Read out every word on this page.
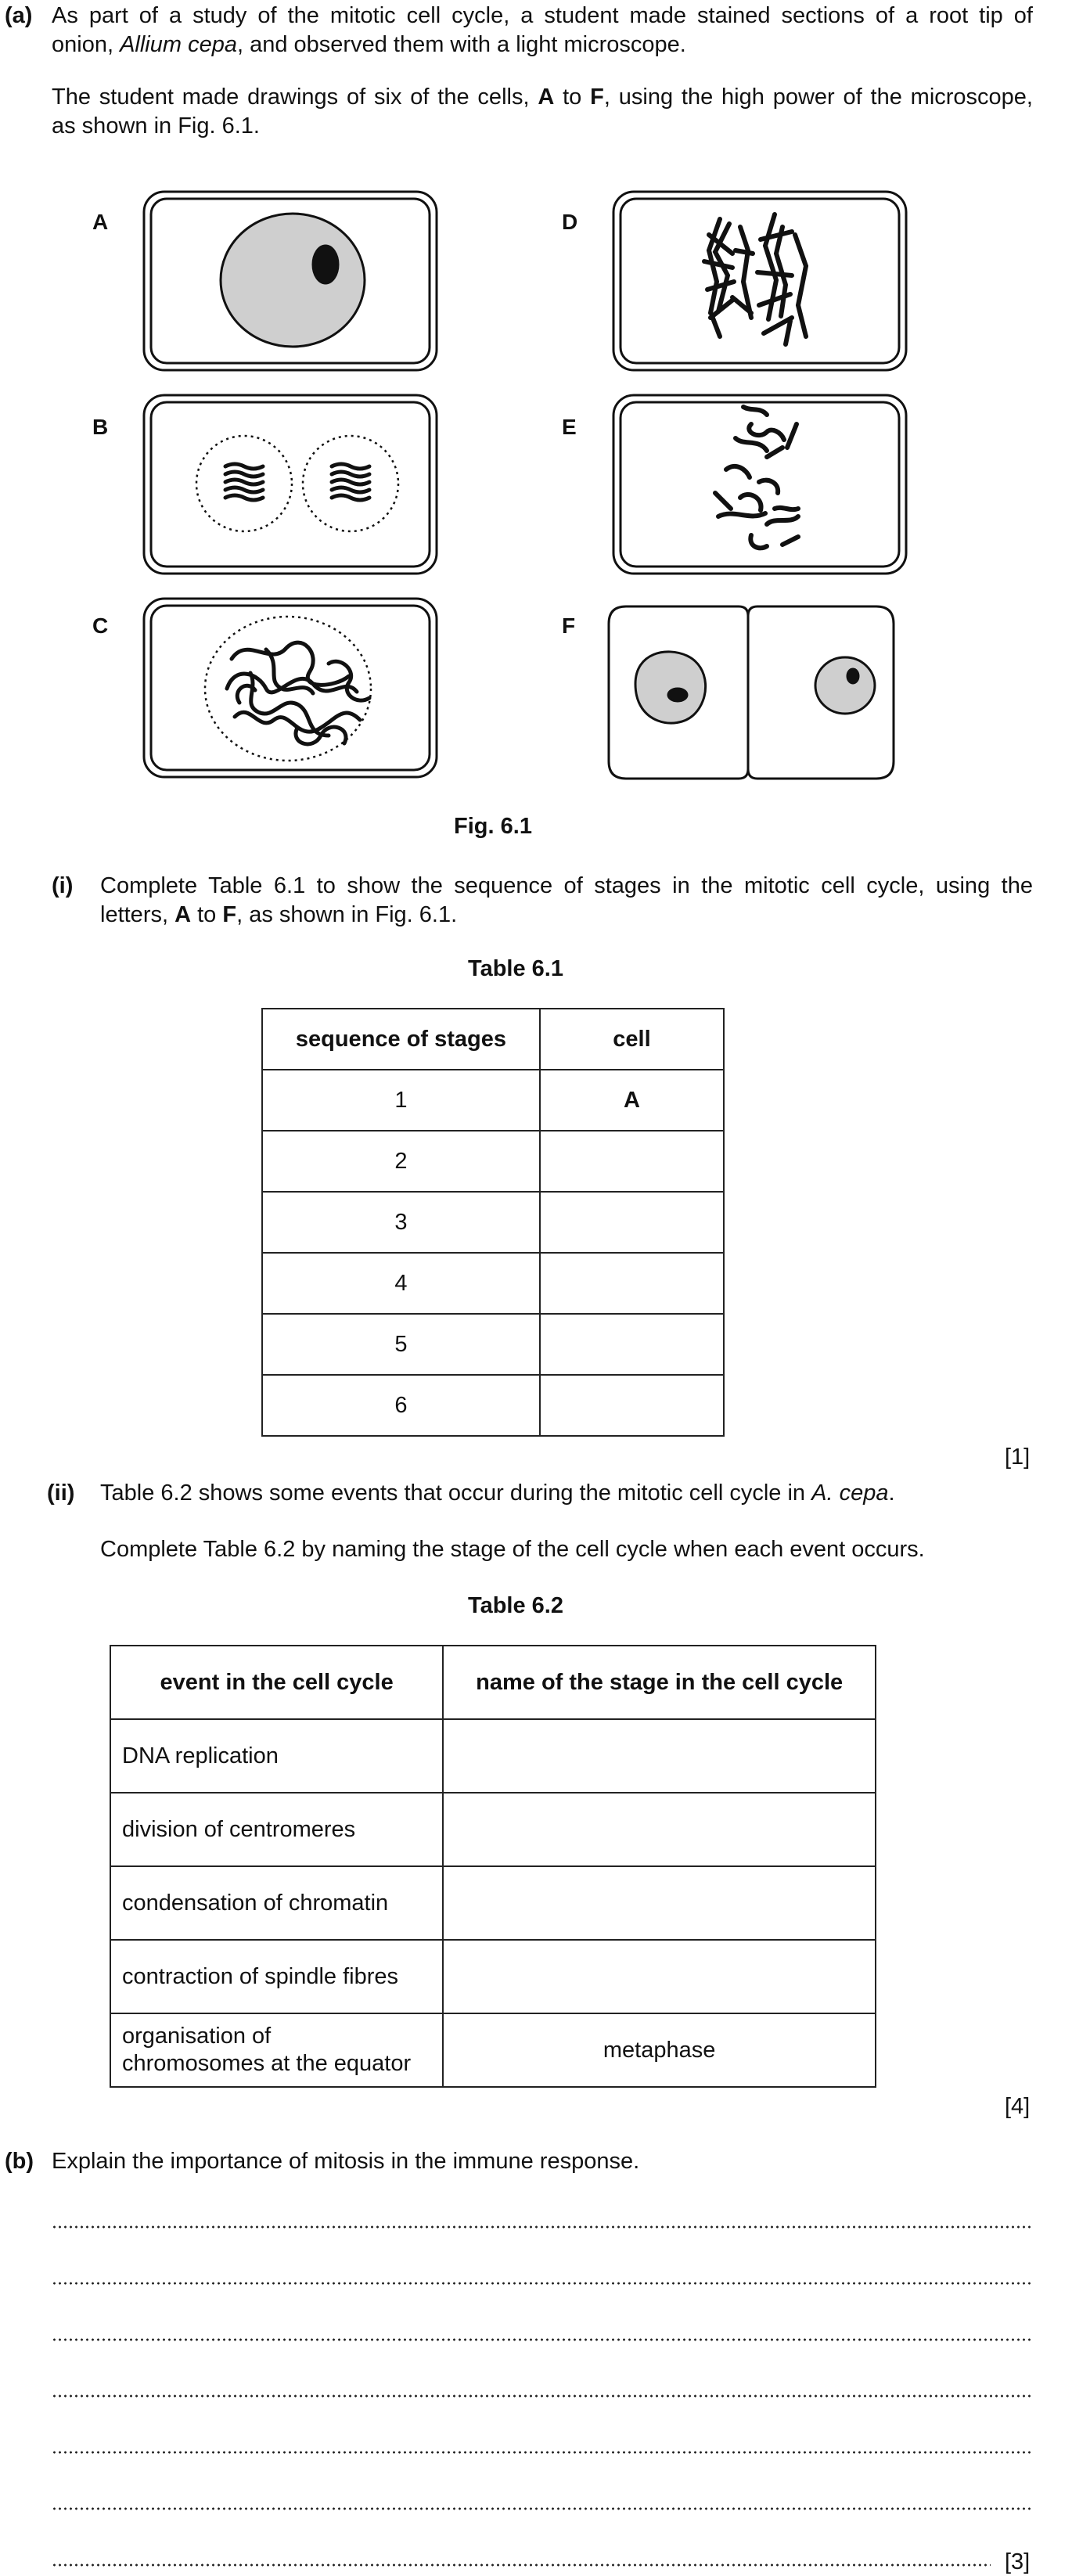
(a) As part of a study of the mitotic cell cycle, a student made stained sections of a root tip of
onion, Allium cepa, and observed them with a light microscope.
The student made drawings of six of the cells, A to F, using the high power of the microscope,
as shown in Fig. 6.1.
A
B
C
D
E
F
Fig. 6.1
(i) Complete Table 6.1 to show the sequence of stages in the mitotic cell cycle, using the
letters, A to F, as shown in Fig. 6.1.
Table 6.1
sequence of stages	cell
1	A
2	
3	
4	
5	
6	
[1]
(ii) Table 6.2 shows some events that occur during the mitotic cell cycle in A. cepa.
Complete Table 6.2 by naming the stage of the cell cycle when each event occurs.
Table 6.2
event in the cell cycle	name of the stage in the cell cycle
DNA replication	
division of centromeres	
condensation of chromatin	
contraction of spindle fibres	

organisation of
chromosomes at the equator	metaphase
[4]
(b) Explain the importance of mitosis in the immune response.
[3]
